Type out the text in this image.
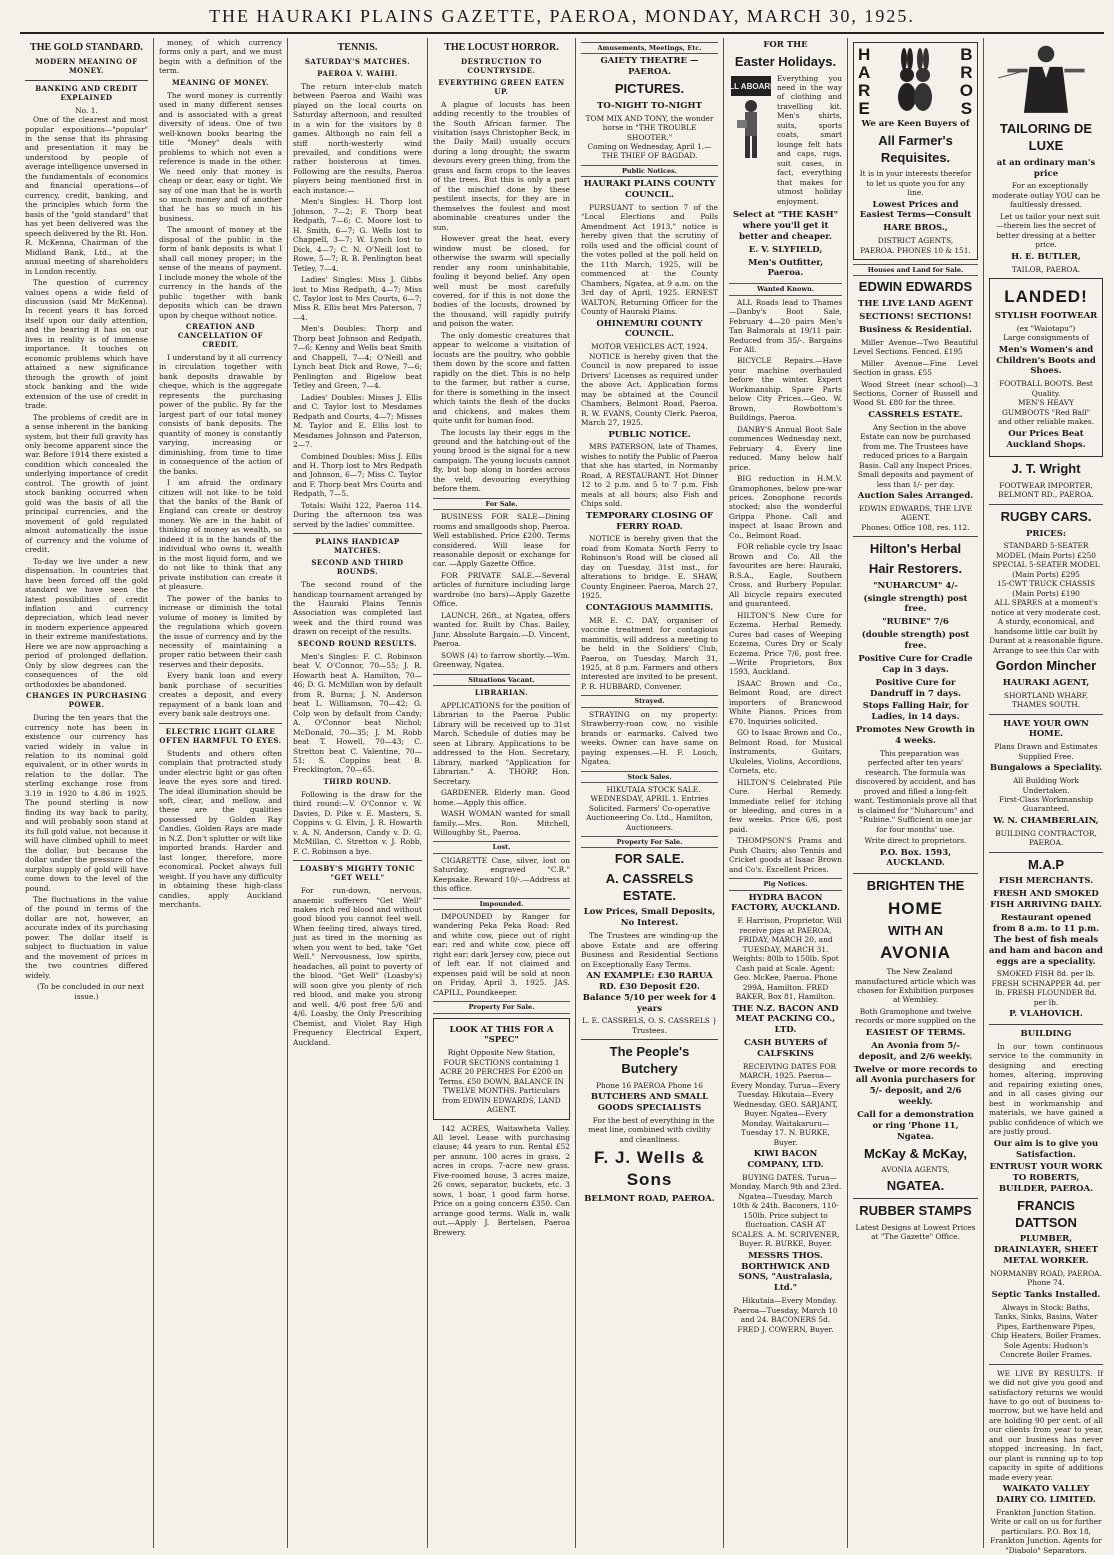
THE HAURAKI PLAINS GAZETTE, PAEROA, MONDAY, MARCH 30, 1925.
THE GOLD STANDARD.
MODERN MEANING OF MONEY.
BANKING AND CREDIT EXPLAINED
No. 1.

One of the clearest and most popular expositions—"popular" in the sense that its phrasing and presentation it may be understood by people of average intelligence unversed in the fundamentals of economics and financial operations—of currency, credit, banking, and the principles which form the basis of the "gold standard" that has yet been delivered was the speech delivered by the Rt. Hon. R. McKenna, Chairman of the Midland Bank, Ltd., at the annual meeting of shareholders in London recently.

The question of currency values opens a wide field of discussion (said Mr McKenna). In recent years it has forced itself upon our daily attention, and the bearing it has on our lives in reality is of immense importance. It touches on economic problems which have attained a new significance through the growth of joint stock banking and the wide extension of the use of credit in trade.

The problems of credit are in a sense inherent in the banking system, but their full gravity has only become apparent since the war. Before 1914 there existed a condition which concealed the underlying importance of credit control. The growth of joint stock banking occurred when gold was the basis of all the principal currencies, and the movement of gold regulated almost automatically the issue of currency and the volume of credit.

To-day we live under a new dispensation. In countries that have been forced off the gold standard we have seen the latest possibilities of credit inflation and currency depreciation, which lead never in modern experience appeared in their extreme manifestations. Here we are now approaching a period of prolonged deflation. Only by slow degrees can the consequences of the old orthodoxies be abandoned.

CHANGES IN PURCHASING POWER.

During the ten years that the currency note has been in existence our currency has varied widely in value in relation to its nominal gold equivalent, or in other words in relation to the dollar. The sterling exchange rose from 3.19 in 1920 to 4.86 in 1925. The pound sterling is now finding its way back to parity, and will probably soon stand at its full gold value, not because it will have climbed uphill to meet the dollar, but because the dollar under the pressure of the surplus supply of gold will have come down to the level of the pound.

The fluctuations in the value of the pound in terms of the dollar are not, however, an accurate index of its purchasing power. The dollar itself is subject to fluctuation in value and the movement of prices in the two countries differed widely.

(To be concluded in our next issue.)

money, of which currency forms only a part, and we must begin with a definition of the term.

MEANING OF MONEY.

The word money is currently used in many different senses and is associated with a great diversity of ideas. One of two well-known books bearing the title "Money" deals with problems to which not even a reference is made in the other. We need only that money is cheap or dear, easy or tight. We say of one man that he is worth so much money and of another that he has so much in his business.

The amount of money at the disposal of the public in the form of bank deposits is what I shall call money proper; in the sense of the means of payment. I include money the whole of the currency in the hands of the public together with bank deposits which can be drawn upon by cheque without notice.

CREATION AND CANCELLATION OF CREDIT.

I understand by it all currency in circulation together with bank deposits drawable by cheque, which is the aggregate represents the purchasing power of the public. By far the largest part of our total money consists of bank deposits. The quantity of money is constantly varying, increasing or diminishing, from time to time in consequence of the action of the banks.

I am afraid the ordinary citizen will not like to be told that the banks of the Bank of England can create or destroy money. We are in the habit of thinking of money as wealth, so indeed it is in the hands of the individual who owns it, wealth in the most liquid form, and we do not like to think that any private institution can create it at pleasure.

The power of the banks to increase or diminish the total volume of money is limited by the regulations which govern the issue of currency and by the necessity of maintaining a proper ratio between their cash reserves and their deposits.

Every bank loan and every bank purchase of securities creates a deposit, and every repayment of a bank loan and every bank sale destroys one.

ELECTRIC LIGHT GLARE OFTEN HARMFUL TO EYES.

Students and others often complain that protracted study under electric light or gas often leave the eyes sore and tired. The ideal illumination should be soft, clear, and mellow, and these are the qualities possessed by Golden Ray Candles. Golden Rays are made in N.Z. Don't splutter or wilt like imported brands. Harder and last longer, therefore, more economical. Pocket always full weight. If you have any difficulty in obtaining these high-class candles, apply Auckland merchants.

TENNIS.
SATURDAY'S MATCHES.
PAEROA V. WAIHI.

The return inter-club match between Paeroa and Waihi was played on the local courts on Saturday afternoon, and resulted in a win for the visitors by 8 games. Although no rain fell a stiff north-westerly wind prevailed, and conditions were rather boisterous at times. Following are the results, Paeroa players being mentioned first in each instance:—

Men's Singles: H. Thorp lost Johnson, 7—2; F. Thorp beat Redpath, 7—6; C. Moore lost to H. Smith, 6—7; G. Wells lost to Chappell, 3—7; W. Lynch lost to Dick, 4—7; C. N. O'Neill lost to Rowe, 5—7; R. B. Penlington beat Tetley, 7—4.

Ladies' Singles: Miss J. Gibbs lost to Miss Redpath, 4—7; Miss C. Taylor lost to Mrs Courts, 6—7; Miss R. Ellis beat Mrs Paterson, 7—4.

Men's Doubles: Thorp and Thorp beat Johnson and Redpath, 7—6; Kenny and Wells beat Smith and Chappell, 7—4; O'Neill and Lynch beat Dick and Rowe, 7—6; Penlington and Bigelow beat Tetley and Green, 7—4.

Ladies' Doubles: Misses J. Ellis and C. Taylor lost to Mesdames Redpath and Courts, 4—7; Misses M. Taylor and E. Ellis lost to Mesdames Johnson and Paterson, 2—7.

Combined Doubles: Miss J. Ellis and H. Thorp lost to Mrs Redpath and Johnson, 6—7; Miss C. Taylor and F. Thorp beat Mrs Courts and Redpath, 7—5.

Totals: Waihi 122, Paeroa 114. During the afternoon tea was served by the ladies' committee.

PLAINS HANDICAP MATCHES.
SECOND AND THIRD ROUNDS.

The second round of the handicap tournament arranged by the Hauraki Plains Tennis Association was completed last week and the third round was drawn on receipt of the results.

SECOND ROUND RESULTS.

Men's Singles: F. C. Robinson beat V. O'Connor, 70—55; J. R. Howarth beat A. Hamilton, 70—46; D. G. McMillan won by default from R. Burns; J. N. Anderson beat L. Williamson, 70—42; G. Colp won by default from Candy; A. O'Connor beat Nichol; McDonald, 70—35; J. M. Robb beat T. Howell, 70—43; C. Stretton beat C. Valentine, 70—51; S. Coppins beat B. Frecklington, 70—65.

THIRD ROUND.

Following is the draw for the third round:—V. O'Connor v. W. Davies, D. Pike v. E. Masters, S. Coppins v. G. Elvin, J. R. Howarth v. A. N. Anderson, Candy v. D. G. McMillan, C. Stretton v. J. Robb, F. C. Robinson a bye.

LOASBY'S MIGHTY TONIC "GET WELL"

For run-down, nervous, anaemic sufferers "Get Well" makes rich red blood and without good blood you cannot feel well. When feeling tired, always tired, just as tired in the morning as when you went to bed, take "Get Well." Nervousness, low spirits, headaches, all point to poverty of the blood. "Get Well" (Loasby's) will soon give you plenty of rich red blood, and make you strong and well. 4/6 post free 5/6 and 4/6. Loasby, the Only Prescribing Chemist, and Violet Ray High Frequency Electrical Expert, Auckland.

THE LOCUST HORROR.
DESTRUCTION TO COUNTRYSIDE.
EVERYTHING GREEN EATEN UP.

A plague of locusts has been adding recently to the troubles of the South African farmer. The visitation (says Christopher Beck, in the Daily Mail) usually occurs during a long drought; the swarm devours every green thing, from the grass and farm crops to the leaves of the trees. But this is only a part of the mischief done by these pestilent insects, for they are in themselves the foulest and most abominable creatures under the sun.

However great the heat, every window must be closed, for otherwise the swarm will specially render any room uninhabitable, fouling it beyond belief. Any open well must be most carefully covered, for if this is not done the bodies of the locusts, drowned by the thousand, will rapidly putrify and poison the water.

The only domestic creatures that appear to welcome a visitation of locusts are the poultry, who gobble them down by the score and fatten rapidly on the diet. This is no help to the farmer, but rather a curse, for there is something in the insect which taints the flesh of the ducks and chickens, and makes them quite unfit for human food.

The locusts lay their eggs in the ground and the hatching-out of the young brood is the signal for a new campaign. The young locusts cannot fly, but hop along in hordes across the veld, devouring everything before them.

For Sale.

BUSINESS FOR SALE—Dining rooms and smallgoods shop, Paeroa. Well established. Price £200. Terms considered. Will lease for reasonable deposit or exchange for car. —Apply Gazette Office.

FOR PRIVATE SALE.—Several articles of furniture including large wardrobe (no bars)—Apply Gazette Office.

LAUNCH, 26ft., at Ngatea, offers wanted for. Built by Chas. Bailey, Junr. Absolute Bargain.—D. Vincent, Paeroa.

SOWS (4) to farrow shortly.—Wm. Greenway, Ngatea.

Situations Vacant.
LIBRARIAN.

APPLICATIONS for the position of Librarian to the Paeroa Public Library will be received up to 31st March. Schedule of duties may be seen at Library. Applications to be addressed to the Hon. Secretary, Library, marked "Application for Librarian." A. THORP, Hon. Secretary.

GARDENER. Elderly man. Good home.—Apply this office.

WASH WOMAN wanted for small family.—Mrs. Ron. Mitchell, Willoughby St., Paeroa.

Lost.

CIGARETTE Case, silver, lost on Saturday, engraved "C.R." Keepsake. Reward 10/-.—Address at this office.

Impounded.

IMPOUNDED by Ranger for wandering Peka Peka Road: Red and white cow, piece out of right ear; red and white cow, piece off right ear; dark Jersey cow, piece out of left ear. If not claimed and expenses paid will be sold at noon on Friday, April 3, 1925. JAS. CAPILL, Poundkeeper.

Property For Sale.
LOOK AT THIS FOR A "SPEC"
Right Opposite New Station, FOUR SECTIONS containing 1 ACRE 20 PERCHES For £200 on Terms. £50 DOWN, BALANCE IN TWELVE MONTHS. Particulars from EDWIN EDWARDS, LAND AGENT.

142 ACRES, Waitawheta Valley. All level. Lease with purchasing clause; 44 years to run. Rental £52 per annum. 100 acres in grass, 2 acres in crops. 7-acre new grass. Five-roomed house, 3 acres maize, 26 cows, separator, buckets, etc. 3 sows, 1 boar, 1 good farm horse. Price on a going concern £350. Can arrange good terms. Walk in, walk out.—Apply J. Bertelsen, Paeroa Brewery.

Amusements, Meetings, Etc.
GAIETY THEATRE — PAEROA.
PICTURES.
TO-NIGHT TO-NIGHT
TOM MIX AND TONY, the wonder horse in "THE TROUBLE SHOOTER."
Coming on Wednesday, April 1.— THE THIEF OF BAGDAD.
Public Notices.
HAURAKI PLAINS COUNTY COUNCIL.

PURSUANT to section 7 of the "Local Elections and Polls Amendment Act 1913," notice is hereby given that the scrutiny of rolls used and the official count of the votes polled at the poll held on the 11th March, 1925, will be commenced at the County Chambers, Ngatea, at 9 a.m. on the 3rd day of April, 1925. ERNEST WALTON, Returning Officer for the County of Hauraki Plains.

OHINEMURI COUNTY COUNCIL.
MOTOR VEHICLES ACT, 1924.

NOTICE is hereby given that the Council is now prepared to issue Drivers' Licenses as required under the above Act. Application forms may be obtained at the Council Chambers, Belmont Road, Paeroa. R. W. EVANS, County Clerk. Paeroa, March 27, 1925.

PUBLIC NOTICE.

MRS PATERSON, late of Thames, wishes to notify the Public of Paeroa that she has started, in Normanby Road, A RESTAURANT. Hot Dinner 12 to 2 p.m. and 5 to 7 p.m. Fish meals at all hours; also Fish and Chips sold.

TEMPORARY CLOSING OF FERRY ROAD.

NOTICE is hereby given that the road from Komata North Ferry to Robinson's Road will be closed all day on Tuesday, 31st inst., for alterations to bridge. E. SHAW, County Engineer. Paeroa, March 27, 1925.

CONTAGIOUS MAMMITIS.

MR E. C. DAY, organiser of vaccine treatment for contagious mammitis, will address a meeting to be held in the Soldiers' Club, Paeroa, on Tuesday, March 31, 1925, at 8 p.m. Farmers and others interested are invited to be present. P. R. HUBBARD, Convener.

Strayed.

STRAYING on my property: Strawberry-roan cow, no visible brands or earmarks. Calved two weeks. Owner can have same on paying expenses.—H. F. Louch, Ngatea.

Stock Sales.

HIKUTAIA STOCK SALE. WEDNESDAY, APRIL 1. Entries Solicited. Farmers' Co-operative Auctioneering Co. Ltd., Hamilton, Auctioneers.

Property For Sale.
FOR SALE.
A. CASSRELS ESTATE.
Low Prices, Small Deposits, No Interest.

The Trustees are winding-up the above Estate and are offering Business and Residential Sections on Exceptionally Easy Terms.

AN EXAMPLE: £30 RARUA RD. £30 Deposit £20. Balance 5/10 per week for 4 years
L. E. CASSRELS, O. S. CASSRELS } Trustees.
The People's Butchery
Phone 16 PAEROA Phone 16
BUTCHERS AND SMALL GOODS SPECIALISTS

For the best of everything in the meat line, combined with civility and cleanliness.

F. J. Wells & Sons
BELMONT ROAD, PAEROA.
FOR THE
Easter Holidays.
ALL ABOARD!

Everything you need in the way of clothing and travelling kit. Men's shirts, suits, sports coats, smart lounge felt hats and caps, rugs, suit cases, in fact, everything that makes for utmost holiday enjoyment.

Select at "THE KASH" where you'll get it better and cheaper.
E. V. SLYFIELD,
Men's Outfitter, Paeroa.
Wanted Known.

ALL Roads lead to Thames—Danby's Boot Sale, February 4—20 pairs Men's Tan Balmorals at 19/11 pair. Reduced from 35/-. Bargains For All.

BICYCLE Repairs.—Have your machine overhauled before the winter. Expert Workmanship. Spare Parts below City Prices.—Geo. W. Brown, Rowbottom's Buildings, Paeroa.

DANBY'S Annual Boot Sale commences Wednesday next, February 4. Every line reduced. Many below half price.

BIG reduction in H.M.V. Gramophones, below pre-war prices. Zonophone records stocked; also the wonderful Grippa Phone. Call and inspect at Isaac Brown and Co., Belmont Road.

FOR reliable cycle try Isaac Brown and Co. All the favourites are here: Hauraki, B.S.A., Eagle, Southern Cross, and Burbery Popular. All bicycle repairs executed and guaranteed.

HILTON'S New Cure for Eczema. Herbal Remedy. Cures bad cases of Weeping Eczema, Cures Dry or Scaly Eczema. Price 7/6, post free.—Write Proprietors, Box 1593, Auckland.

ISAAC Brown and Co., Belmont Road, are direct importers of Brancwood White Pianos. Prices from £70. Inquiries solicited.

GO to Isaac Brown and Co., Belmont Road, for Musical Instruments, Guitars, Ukuleles, Violins, Accordions, Cornets, etc.

HILTON'S Celebrated Pile Cure. Herbal Remedy. Immediate relief for itching or bleeding, and cures in a few weeks. Price 6/6, post paid.

THOMPSON'S Prams and Push Chairs; also Tennis and Cricket goods at Isaac Brown and Co's. Excellent Prices.

Pig Notices.
HYDRA BACON FACTORY, AUCKLAND.

F. Harrison, Proprietor. Will receive pigs at PAEROA, FRIDAY, MARCH 20, and TUESDAY, MARCH 31. Weights: 80lb to 150lb. Spot Cash paid at Scale. Agent: Geo. McKee, Paeroa. Phone 299A, Hamilton. FRED BAKER, Box 81, Hamilton.

THE N.Z. BACON AND MEAT PACKING CO., LTD.
CASH BUYERS of CALFSKINS

RECEIVING DATES FOR MARCH, 1925. Paeroa—Every Monday. Turua—Every Tuesday. Hikutaia—Every Wednesday. GEO. SARJANT, Buyer. Ngatea—Every Monday. Waitakaruru—Tuesday 17. N. BURKE, Buyer.

KIWI BACON COMPANY, LTD.

BUYING DATES. Turua—Monday, March 9th and 23rd. Ngatea—Tuesday, March 10th & 24th. Baconers, 110-150lb. Price subject to fluctuation. CASH AT SCALES. A. M. SCRIVENER, Buyer. R. BURKE, Buyer.

MESSRS THOS. BORTHWICK AND SONS, "Australasia, Ltd."

Hikutaia—Every Monday. Paeroa—Tuesday, March 10 and 24. BACONERS 5d. FRED J. COWERN, Buyer.

H
A
R
E
B
R
O
S
We are Keen Buyers of
All Farmer's Requisites.
It is in your interests therefor to let us quote you for any line.
Lowest Prices and Easiest Terms—Consult
HARE BROS.,
DISTRICT AGENTS,
PAEROA. PHONES 10 & 151.
Houses and Land for Sale.
EDWIN EDWARDS
THE LIVE LAND AGENT
SECTIONS! SECTIONS!
Business & Residential.

Miller Avenue—Two Beautiful Level Sections. Fenced. £195

Miller Avenue—Fine Level Section in grass. £55

Wood Street (near school)—3 Sections, Corner of Russell and Wood St. £80 for the three.

CASSRELS ESTATE.

Any Section in the above Estate can now be purchased from me. The Trustees have reduced prices to a Bargain Basis. Call any Inspect Prices. Small deposits and payment of less than 1/- per day.

Auction Sales Arranged.
EDWIN EDWARDS, THE LIVE AGENT.
Phones: Office 108, res. 112.
Hilton's Herbal
Hair Restorers.
"NUHARCUM" 4/-
(single strength) post free.
"RUBINE" 7/6
(double strength) post free.
Positive Cure for Cradle Cap in 3 days.
Positive Cure for Dandruff in 7 days.
Stops Falling Hair, for Ladies, in 14 days.
Promotes New Growth in 4 weeks.

This preparation was perfected after ten years' research. The formula was discovered by accident, and has proved and filled a long-felt want. Testimonials prove all that is claimed for "Nuharcum" and "Rubine." Sufficient in one jar for four months' use.

Write direct to proprietors.
P.O. Box. 1593, AUCKLAND.
BRIGHTEN THE
HOME
WITH AN
AVONIA

The New Zealand manufactured article which was chosen for Exhibition purposes at Wembley.

Both Gramophone and twelve records or more supplied on the
EASIEST OF TERMS.
An Avonia from 5/- deposit, and 2/6 weekly.
Twelve or more records to all Avonia purchasers for 5/- deposit, and 2/6 weekly.
Call for a demonstration or ring 'Phone 11, Ngatea.
McKay & McKay,
AVONIA AGENTS,
NGATEA.
RUBBER STAMPS
Latest Designs at Lowest Prices at "The Gazette" Office.
TAILORING DE LUXE
at an ordinary man's price

For an exceptionally moderate outlay YOU can be faultlessly dressed.

Let us tailor your next suit—therein lies the secret of better dressing at a better price.

H. E. BUTLER,
TAILOR, PAEROA.
LANDED!
STYLISH FOOTWEAR
(ex "Waiotapu")
Large consignments of
Men's Women's and Children's Boots and Shoes.
FOOTBALL BOOTS. Best Quality.
MEN'S HEAVY GUMBOOTS "Red Ball" and other reliable makes.
Our Prices Beat Auckland Shops.
J. T. Wright
FOOTWEAR IMPORTER, BELMONT RD., PAEROA.
RUGBY CARS.
PRICES:
STANDARD 5-SEATER MODEL (Main Ports) £250
SPECIAL 5-SEATER MODEL (Main Ports) £295
15-CWT TRUCK CHASSIS (Main Ports) £190
ALL SPARES at a moment's notice at very moderate cost.
A sturdy, economical, and handsome little car built by Durant at a reasonable figure.
Arrange to see this Car with
Gordon Mincher
HAURAKI AGENT,
SHORTLAND WHARF, THAMES SOUTH.
HAVE YOUR OWN HOME.
Plans Drawn and Estimates Supplied Free.
Bungalows a Speciality.
All Building Work Undertaken.
First-Class Workmanship Guaranteed.
W. N. CHAMBERLAIN,
BUILDING CONTRACTOR, PAEROA.
M.A.P
FISH MERCHANTS.
FRESH AND SMOKED FISH ARRIVING DAILY.
Restaurant opened from 8 a.m. to 11 p.m. The best of fish meals and ham and bacon and eggs are a speciality.
SMOKED FISH 8d. per lb. FRESH SCHNAPPER 4d. per lb. FRESH FLOUNDER 8d. per lb.
P. VLAHOVICH.
BUILDING

In our town continuous service to the community in designing and erecting homes, altering, improving and repairing existing ones, and in all cases giving our best in workmanship and materials, we have gained a public confidence of which we are justly proud.

Our aim is to give you Satisfaction.
ENTRUST YOUR WORK TO ROBERTS, BUILDER, PAEROA.
FRANCIS DATTSON
PLUMBER, DRAINLAYER, SHEET METAL WORKER.
NORMANBY ROAD, PAEROA. Phone 74.
Septic Tanks Installed.
Always in Stock: Baths, Tanks, Sinks, Basins, Water Pipes, Earthenware Pipes, Chip Heaters, Boiler Frames.
Sole Agents: Hudson's Concrete Boiler Frames.

WE LIVE BY RESULTS. If we did not give you good and satisfactory returns we would have to go out of business to-morrow, but we have held and are holding 90 per cent. of all our clients from year to year, and our business has never stopped increasing. In fact, our plant is running up to top capacity in spite of additions made every year.

WAIKATO VALLEY DAIRY CO. LIMITED.
Frankton Junction Station. Write or call on us for further particulars. P.O. Box 18, Frankton Junction. Agents for "Diabolo" Separators.
